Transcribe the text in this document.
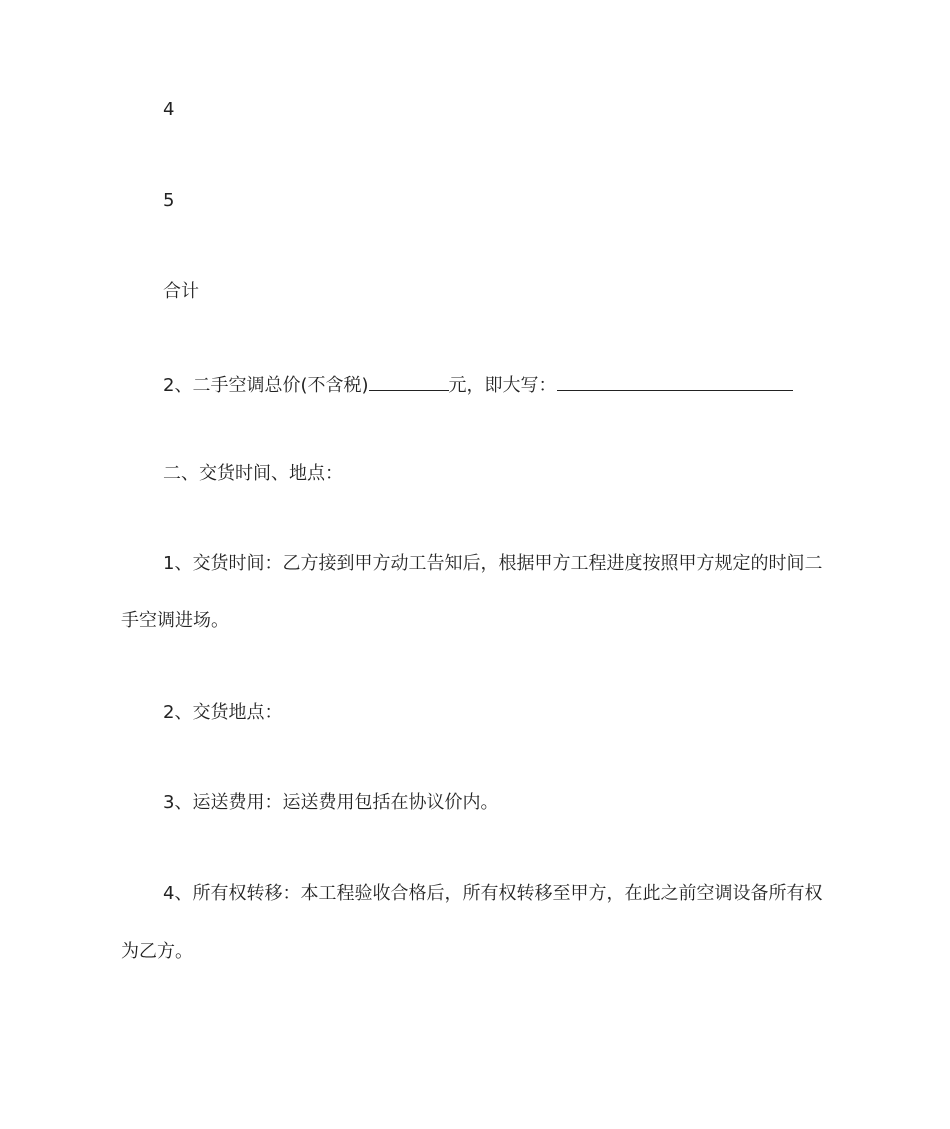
4
5
合计
2、二手空调总价(不含税)	元，即大写：
二、交货时间、地点：
1、交货时间：乙方接到甲方动工告知后，根据甲方工程进度按照甲方规定的时间二
手空调进场。
2、交货地点：
3、运送费用：运送费用包括在协议价内。
4、所有权转移：本工程验收合格后，所有权转移至甲方，在此之前空调设备所有权
为乙方。
